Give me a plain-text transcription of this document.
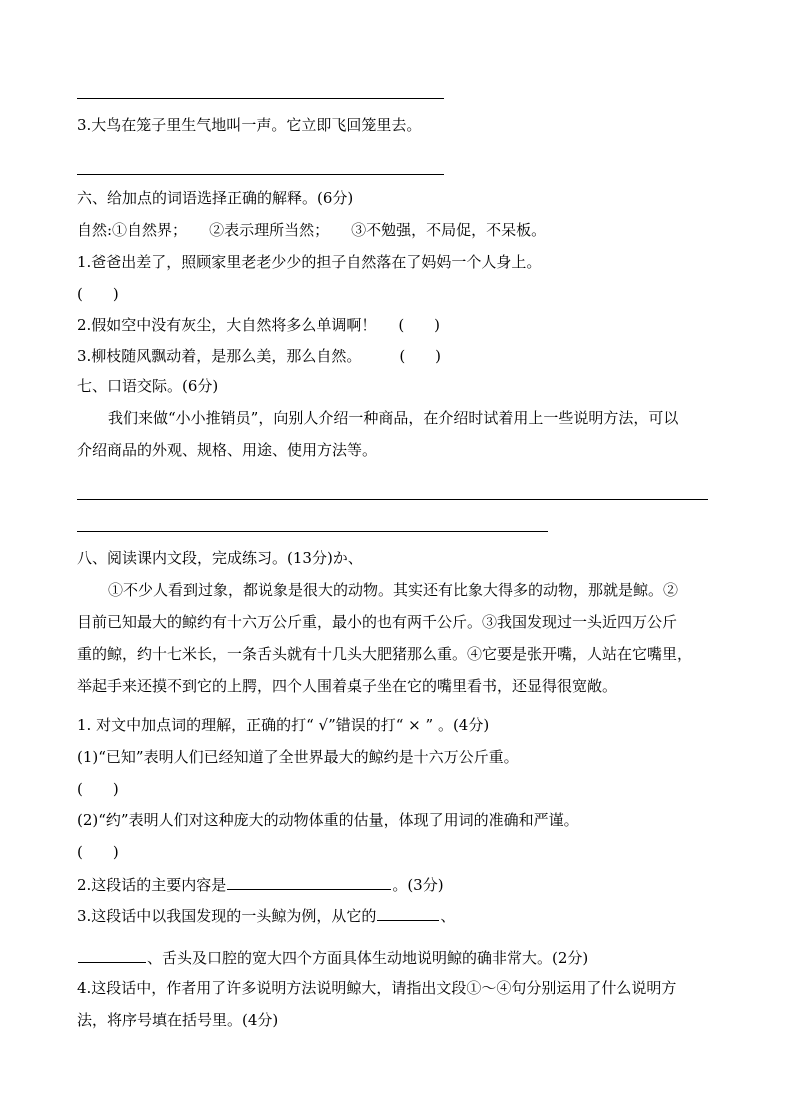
3.大鸟在笼子里生气地叫一声。它立即飞回笼里去。
六、给加点的词语选择正确的解释。(6分)
自然:①自然界； ②表示理所当然； ③不勉强，不局促，不呆板。
1.爸爸出差了，照顾家里老老少少的担子自然落在了妈妈一个人身上。
(　　)
2.假如空中没有灰尘，大自然将多么单调啊！ (　　)
3.柳枝随风飘动着，是那么美，那么自然。	(　　)
七、口语交际。(6分)
我们来做“小小推销员”，向别人介绍一种商品，在介绍时试着用上一些说明方法，可以
介绍商品的外观、规格、用途、使用方法等。
八、阅读课内文段，完成练习。(13分)か、
①不少人看到过象，都说象是很大的动物。其实还有比象大得多的动物，那就是鲸。②
目前已知最大的鲸约有十六万公斤重，最小的也有两千公斤。③我国发现过一头近四万公斤
重的鲸，约十七米长，一条舌头就有十几头大肥猪那么重。④它要是张开嘴，人站在它嘴里，
举起手来还摸不到它的上腭，四个人围着桌子坐在它的嘴里看书，还显得很宽敞。
1. 对文中加点词的理解，正确的打“ √”错误的打“ × ” 。(4分)
(1)“已知”表明人们已经知道了全世界最大的鲸约是十六万公斤重。
(　　)
(2)“约”表明人们对这种庞大的动物体重的估量，体现了用词的准确和严谨。
(　　)
2.这段话的主要内容是	。(3分)
3.这段话中以我国发现的一头鲸为例，从它的	、
、舌头及口腔的宽大四个方面具体生动地说明鲸的确非常大。(2分)
4.这段话中，作者用了许多说明方法说明鲸大，请指出文段①～④句分别运用了什么说明方
法，将序号填在括号里。(4分)
